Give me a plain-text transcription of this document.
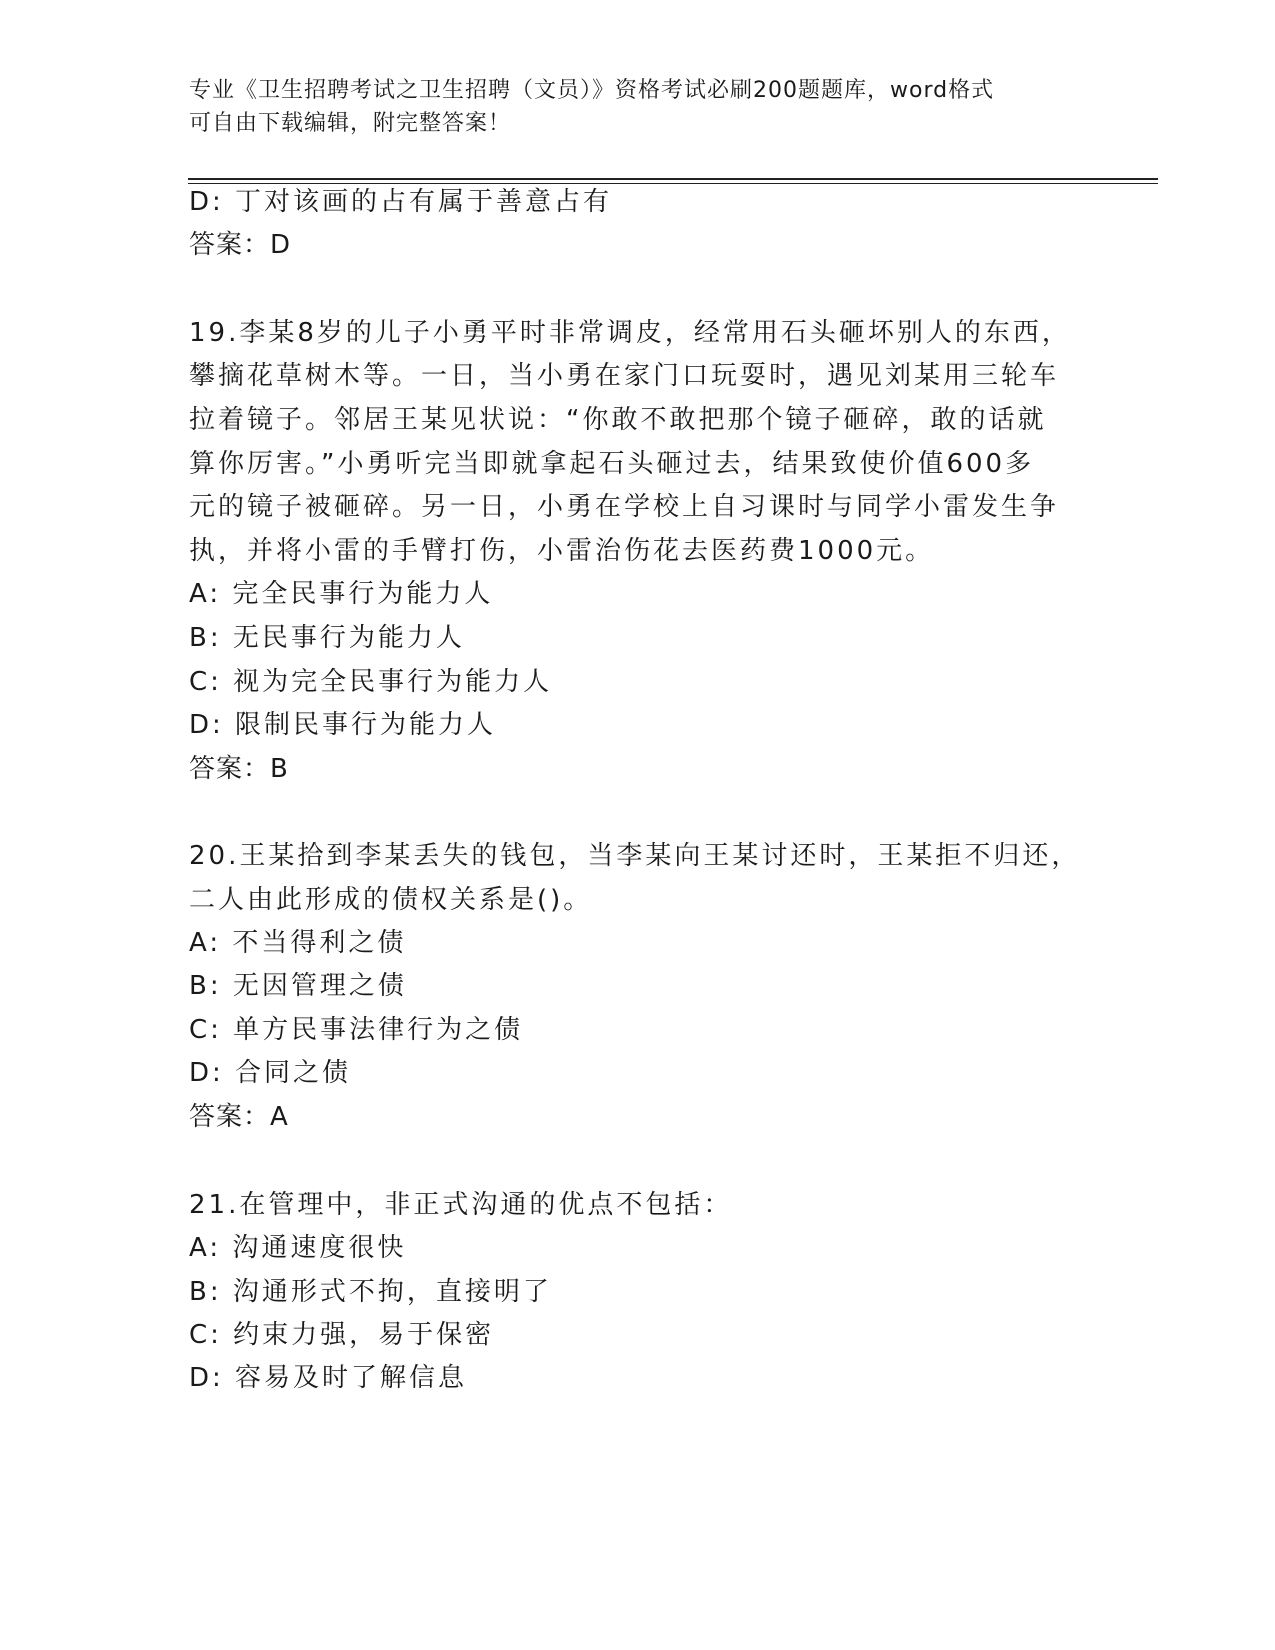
专业《卫生招聘考试之卫生招聘（文员）》资格考试必刷200题题库，word格式
可自由下载编辑，附完整答案！
D: 丁对该画的占有属于善意占有
答案：D
19.李某8岁的儿子小勇平时非常调皮，经常用石头砸坏别人的东西，
攀摘花草树木等。一日，当小勇在家门口玩耍时，遇见刘某用三轮车
拉着镜子。邻居王某见状说：“你敢不敢把那个镜子砸碎，敢的话就
算你厉害。”小勇听完当即就拿起石头砸过去，结果致使价值600多
元的镜子被砸碎。另一日，小勇在学校上自习课时与同学小雷发生争
执，并将小雷的手臂打伤，小雷治伤花去医药费1000元。
A: 完全民事行为能力人
B: 无民事行为能力人
C: 视为完全民事行为能力人
D: 限制民事行为能力人
答案：B
20.王某拾到李某丢失的钱包，当李某向王某讨还时，王某拒不归还，
二人由此形成的债权关系是()。
A: 不当得利之债
B: 无因管理之债
C: 单方民事法律行为之债
D: 合同之债
答案：A
21.在管理中，非正式沟通的优点不包括：
A: 沟通速度很快
B: 沟通形式不拘，直接明了
C: 约束力强，易于保密
D: 容易及时了解信息
